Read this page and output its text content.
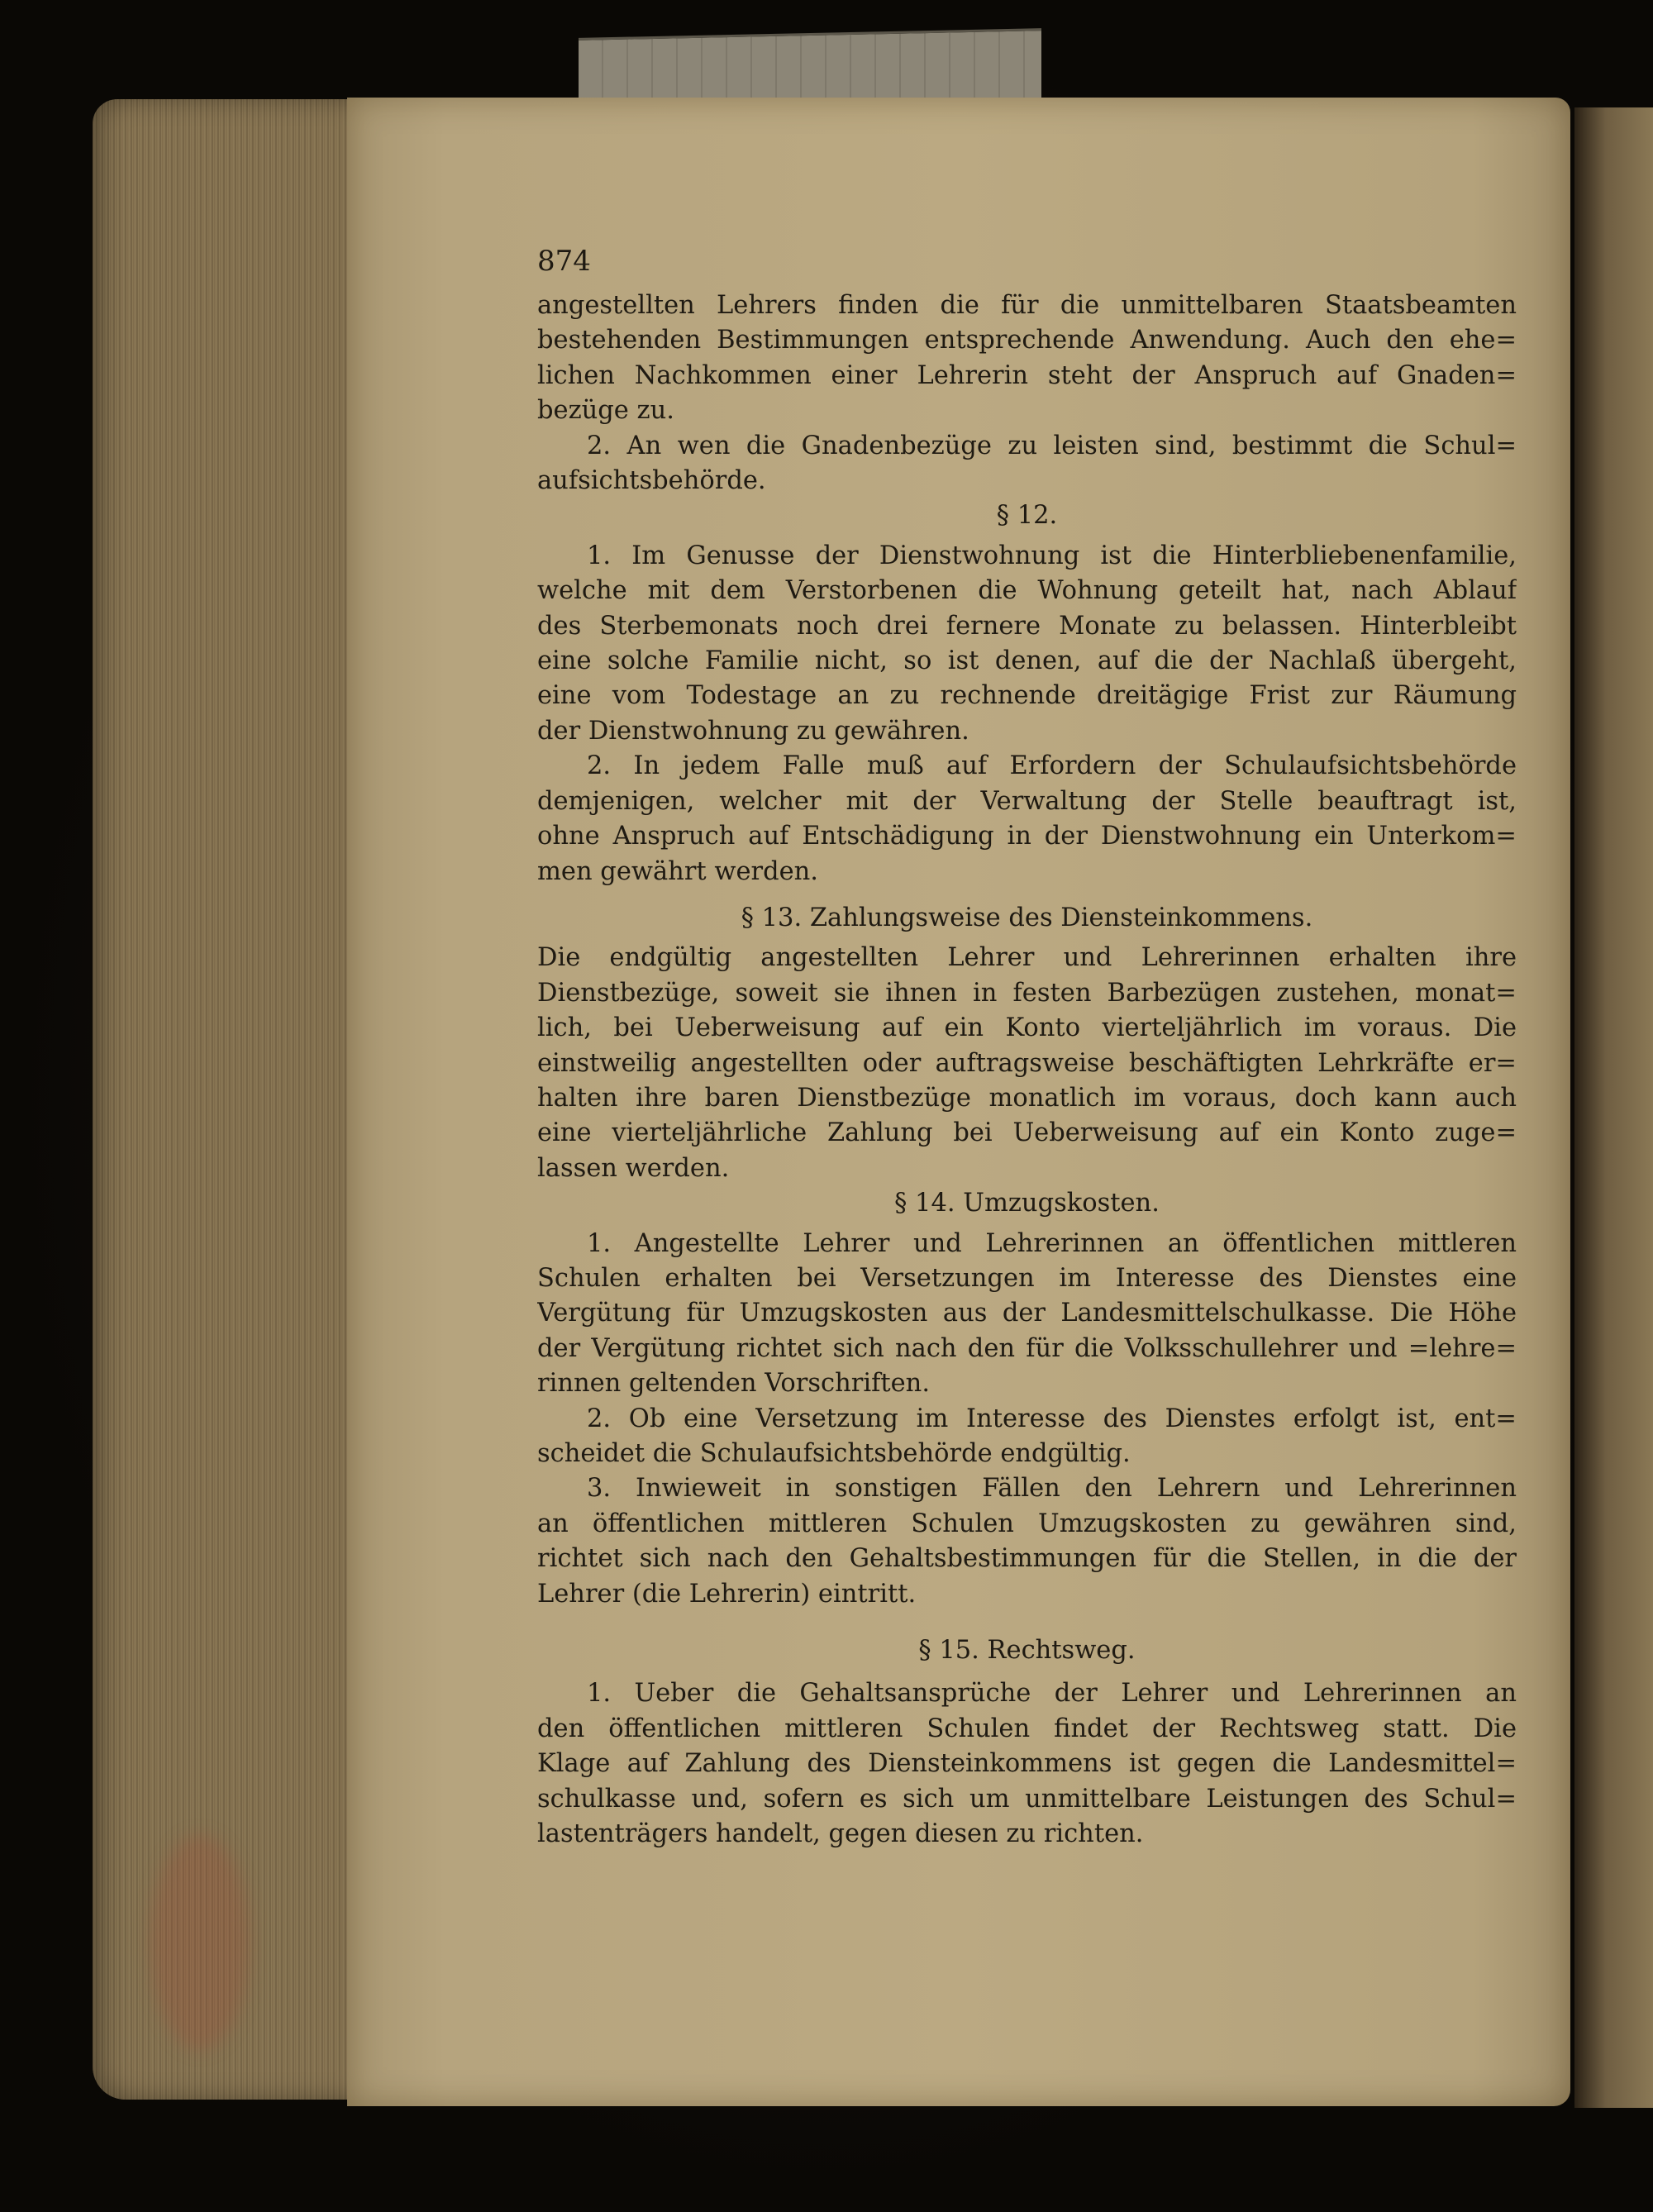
874
angestellten Lehrers finden die für die unmittelbaren Staatsbeamten
bestehenden Bestimmungen entsprechende Anwendung. Auch den ehe=
lichen Nachkommen einer Lehrerin steht der Anspruch auf Gnaden=
bezüge zu.
2. An wen die Gnadenbezüge zu leisten sind, bestimmt die Schul=
aufsichtsbehörde.
§ 12.
1. Im Genusse der Dienstwohnung ist die Hinterbliebenenfamilie,
welche mit dem Verstorbenen die Wohnung geteilt hat, nach Ablauf
des Sterbemonats noch drei fernere Monate zu belassen. Hinterbleibt
eine solche Familie nicht, so ist denen, auf die der Nachlaß übergeht,
eine vom Todestage an zu rechnende dreitägige Frist zur Räumung
der Dienstwohnung zu gewähren.
2. In jedem Falle muß auf Erfordern der Schulaufsichtsbehörde
demjenigen, welcher mit der Verwaltung der Stelle beauftragt ist,
ohne Anspruch auf Entschädigung in der Dienstwohnung ein Unterkom=
men gewährt werden.
§ 13. Zahlungsweise des Diensteinkommens.
Die endgültig angestellten Lehrer und Lehrerinnen erhalten ihre
Dienstbezüge, soweit sie ihnen in festen Barbezügen zustehen, monat=
lich, bei Ueberweisung auf ein Konto vierteljährlich im voraus. Die
einstweilig angestellten oder auftragsweise beschäftigten Lehrkräfte er=
halten ihre baren Dienstbezüge monatlich im voraus, doch kann auch
eine vierteljährliche Zahlung bei Ueberweisung auf ein Konto zuge=
lassen werden.
§ 14. Umzugskosten.
1. Angestellte Lehrer und Lehrerinnen an öffentlichen mittleren
Schulen erhalten bei Versetzungen im Interesse des Dienstes eine
Vergütung für Umzugskosten aus der Landesmittelschulkasse. Die Höhe
der Vergütung richtet sich nach den für die Volksschullehrer und =lehre=
rinnen geltenden Vorschriften.
2. Ob eine Versetzung im Interesse des Dienstes erfolgt ist, ent=
scheidet die Schulaufsichtsbehörde endgültig.
3. Inwieweit in sonstigen Fällen den Lehrern und Lehrerinnen
an öffentlichen mittleren Schulen Umzugskosten zu gewähren sind,
richtet sich nach den Gehaltsbestimmungen für die Stellen, in die der
Lehrer (die Lehrerin) eintritt.
§ 15. Rechtsweg.
1. Ueber die Gehaltsansprüche der Lehrer und Lehrerinnen an
den öffentlichen mittleren Schulen findet der Rechtsweg statt. Die
Klage auf Zahlung des Diensteinkommens ist gegen die Landesmittel=
schulkasse und, sofern es sich um unmittelbare Leistungen des Schul=
lastenträgers handelt, gegen diesen zu richten.
